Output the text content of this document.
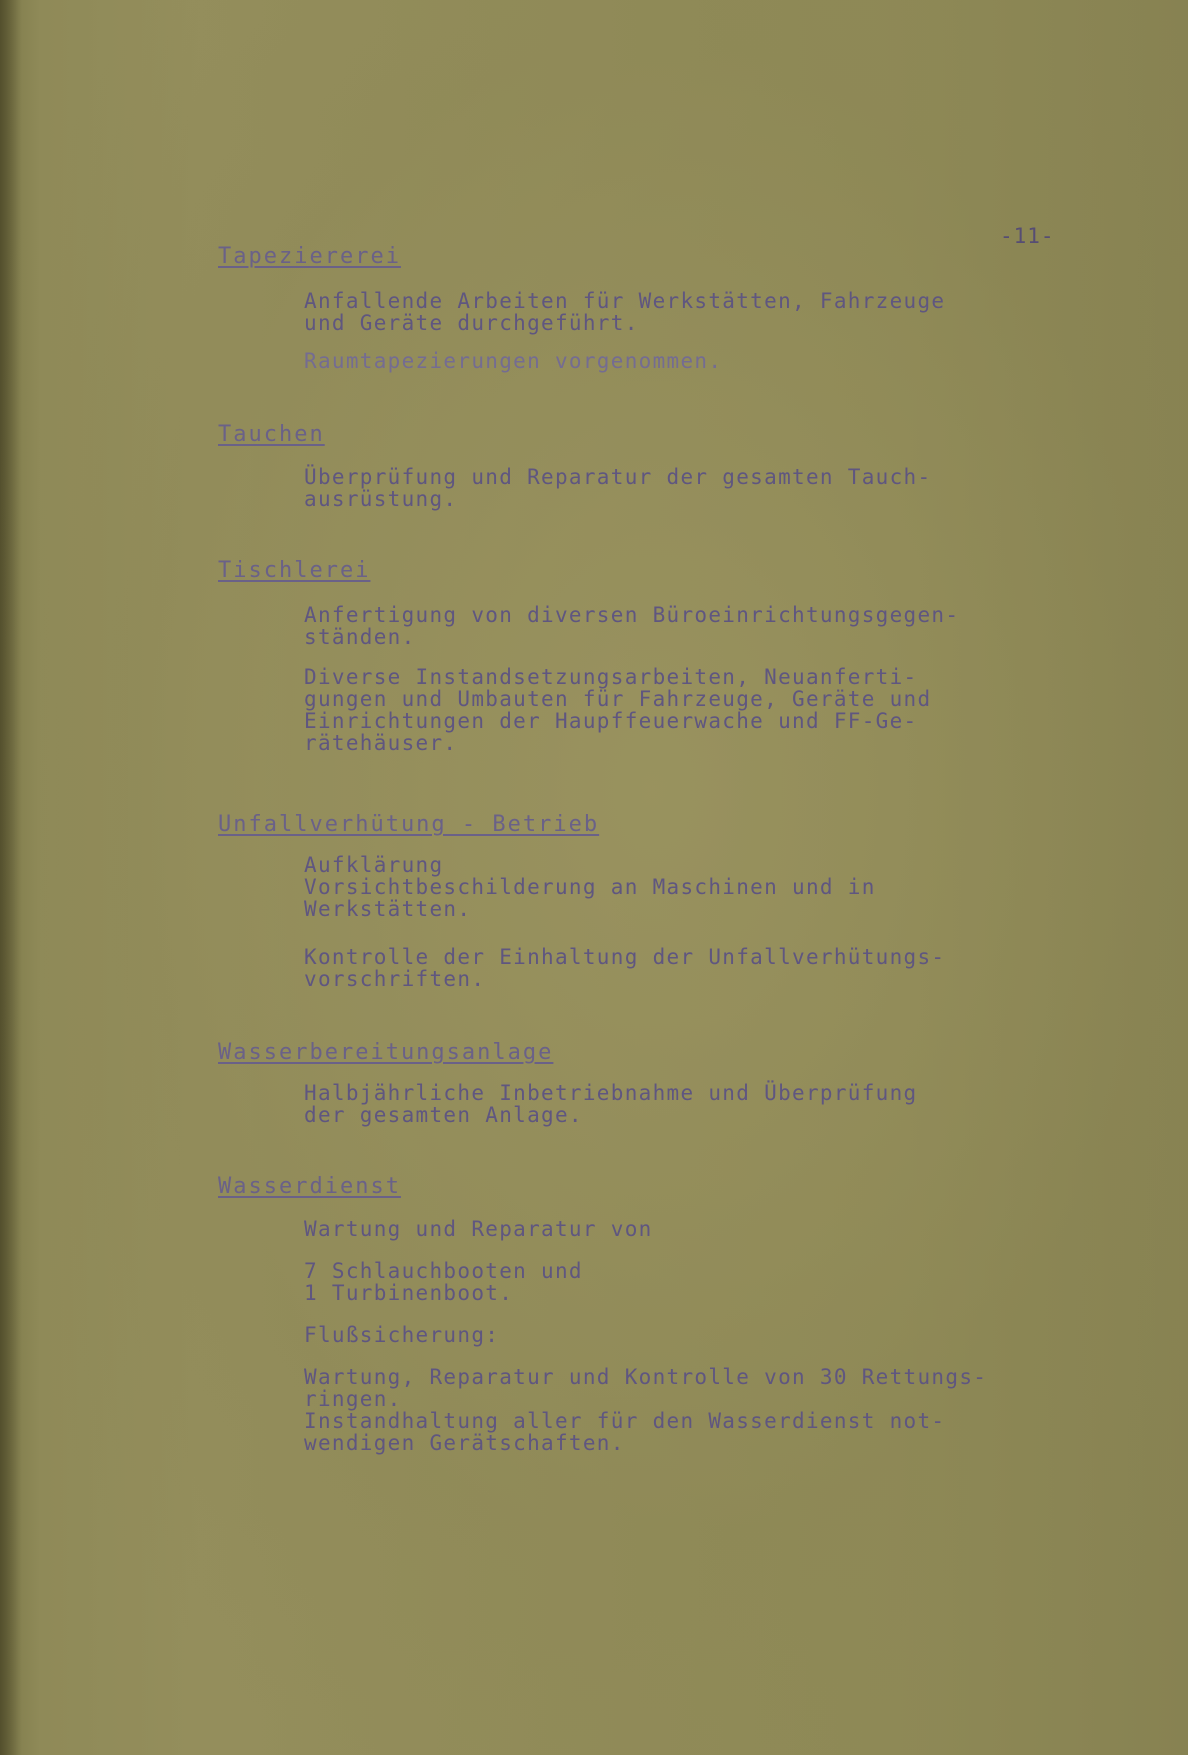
-11-
Tapeziererei
Anfallende Arbeiten für Werkstätten, Fahrzeuge
und Geräte durchgeführt.
Raumtapezierungen vorgenommen.
Tauchen
Überprüfung und Reparatur der gesamten Tauch-
ausrüstung.
Tischlerei
Anfertigung von diversen Büroeinrichtungsgegen-
ständen.
Diverse Instandsetzungsarbeiten, Neuanferti-
gungen und Umbauten für Fahrzeuge, Geräte und
Einrichtungen der Haupffeuerwache und FF-Ge-
rätehäuser.
Unfallverhütung - Betrieb
Aufklärung
Vorsichtbeschilderung an Maschinen und in
Werkstätten.
Kontrolle der Einhaltung der Unfallverhütungs-
vorschriften.
Wasserbereitungsanlage
Halbjährliche Inbetriebnahme und Überprüfung
der gesamten Anlage.
Wasserdienst
Wartung und Reparatur von
7 Schlauchbooten und
1 Turbinenboot.
Flußsicherung:
Wartung, Reparatur und Kontrolle von 30 Rettungs-
ringen.
Instandhaltung aller für den Wasserdienst not-
wendigen Gerätschaften.
